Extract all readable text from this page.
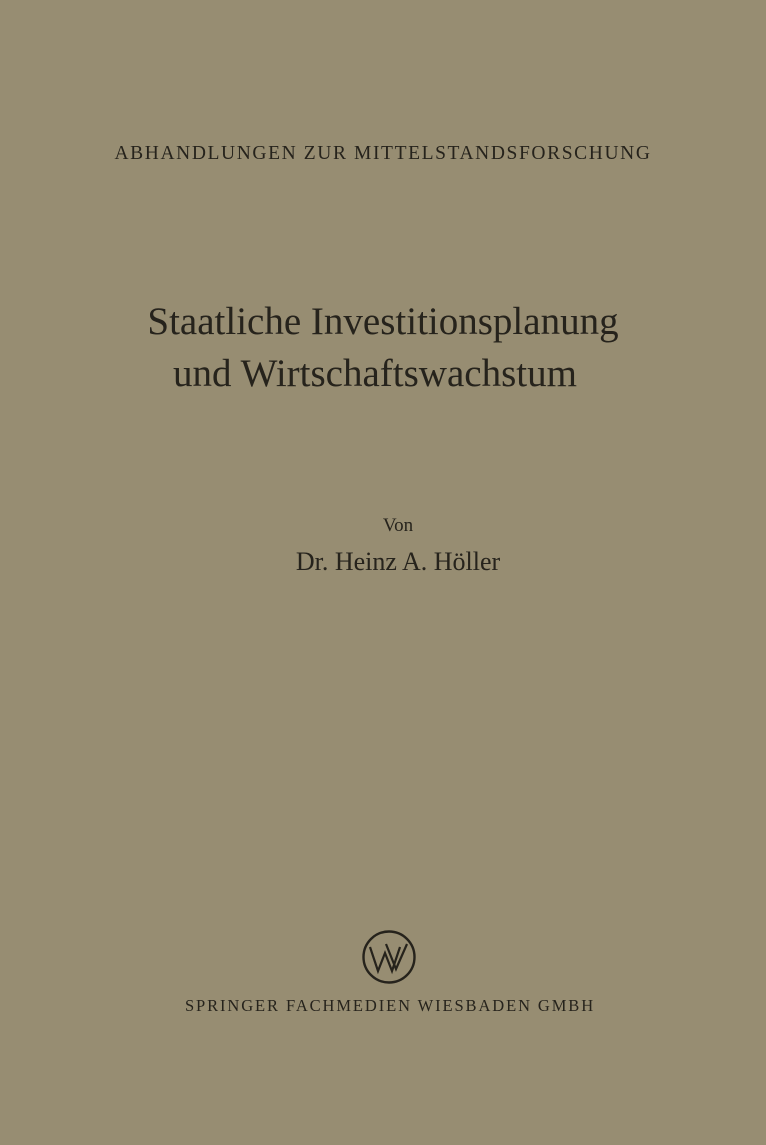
ABHANDLUNGEN ZUR MITTELSTANDSFORSCHUNG
Staatliche Investitionsplanung
und Wirtschaftswachstum
Von
Dr. Heinz A. Höller
SPRINGER FACHMEDIEN WIESBADEN GMBH
